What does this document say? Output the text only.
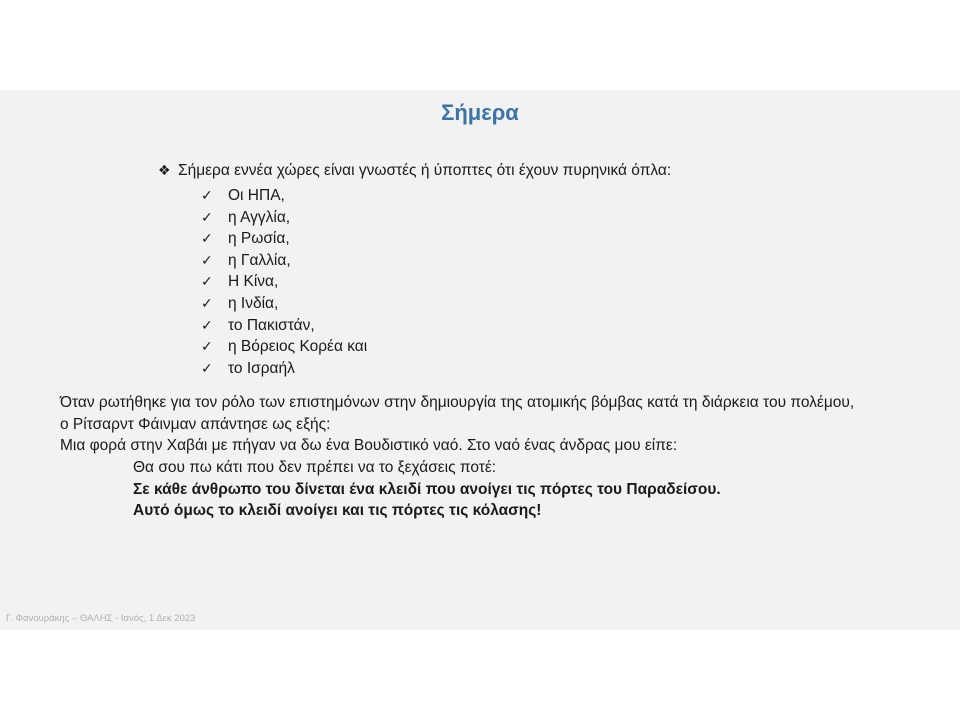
Σήμερα
❖ Σήμερα εννέα χώρες είναι γνωστές ή ύποπτες ότι έχουν πυρηνικά όπλα:
✓ Οι ΗΠΑ,
✓ η Αγγλία,
✓ η Ρωσία,
✓ η Γαλλία,
✓ Η Κίνα,
✓ η Ινδία,
✓ το Πακιστάν,
✓ η Βόρειος Κορέα και
✓ το Ισραήλ

Όταν ρωτήθηκε για τον ρόλο των επιστημόνων στην δημιουργία της ατομικής βόμβας κατά τη διάρκεια του πολέμου,

ο Ρίτσαρντ Φάινμαν απάντησε ως εξής:

Μια φορά στην Χαβάι με πήγαν να δω ένα Βουδιστικό ναό. Στο ναό ένας άνδρας μου είπε:

Θα σου πω κάτι που δεν πρέπει να το ξεχάσεις ποτέ:

Σε κάθε άνθρωπο του δίνεται ένα κλειδί που ανοίγει τις πόρτες του Παραδείσου.

Αυτό όμως το κλειδί ανοίγει και τις πόρτες τις κόλασης!

Γ. Φανουράκης – ΘΑΛΗΣ - Ιανός, 1 Δεκ 2023
